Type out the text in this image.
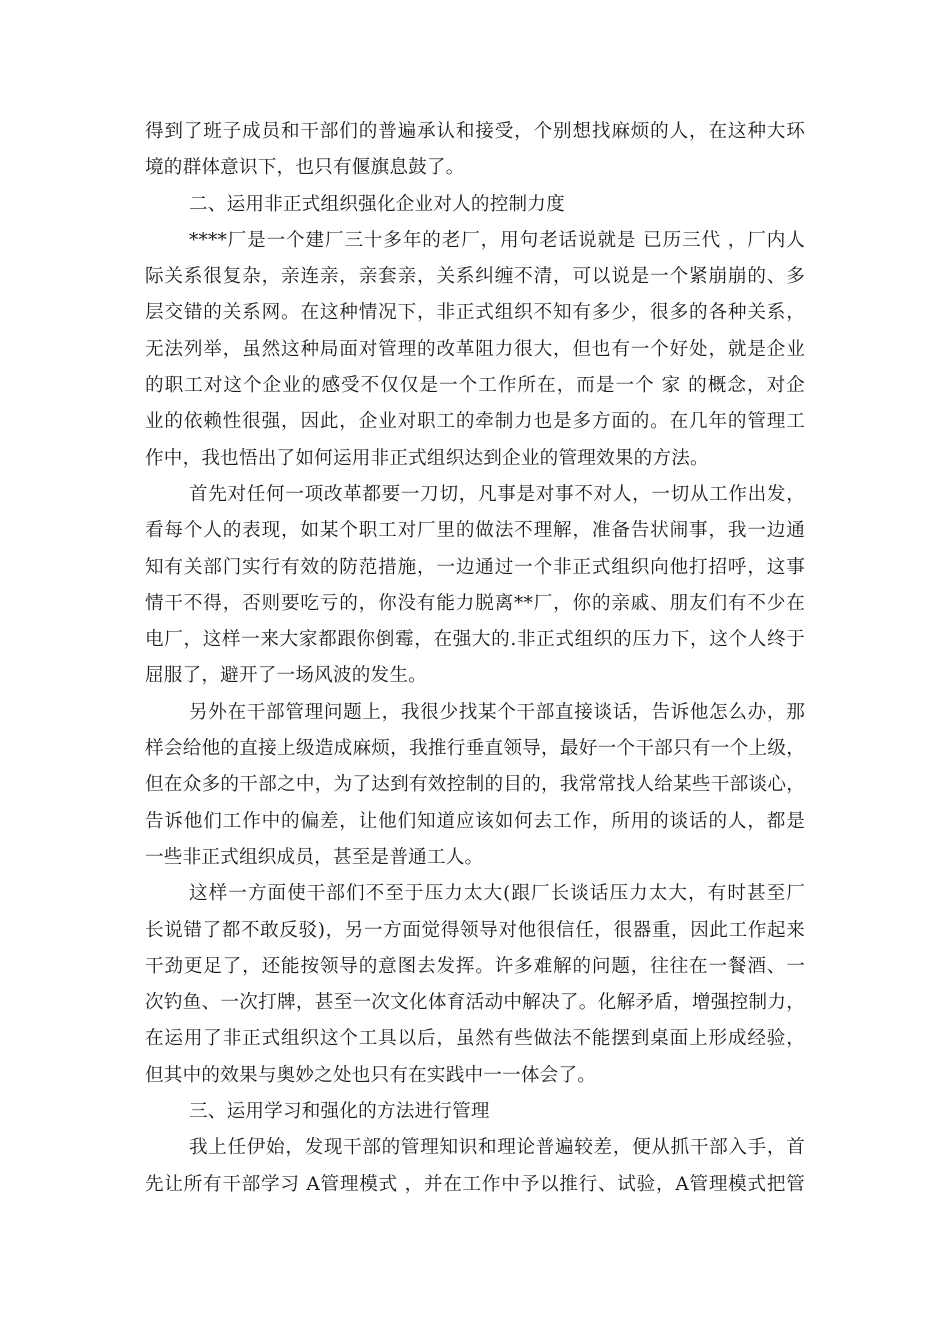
得到了班子成员和干部们的普遍承认和接受，个别想找麻烦的人，在这种大环
境的群体意识下，也只有偃旗息鼓了。
二、运用非正式组织强化企业对人的控制力度
****厂是一个建厂三十多年的老厂，用句老话说就是 已历三代 ，厂内人
际关系很复杂，亲连亲，亲套亲，关系纠缠不清，可以说是一个紧崩崩的、多
层交错的关系网。在这种情况下，非正式组织不知有多少，很多的各种关系，
无法列举，虽然这种局面对管理的改革阻力很大，但也有一个好处，就是企业
的职工对这个企业的感受不仅仅是一个工作所在，而是一个 家 的概念，对企
业的依赖性很强，因此，企业对职工的牵制力也是多方面的。在几年的管理工
作中，我也悟出了如何运用非正式组织达到企业的管理效果的方法。
首先对任何一项改革都要一刀切，凡事是对事不对人，一切从工作出发，
看每个人的表现，如某个职工对厂里的做法不理解，准备告状闹事，我一边通
知有关部门实行有效的防范措施，一边通过一个非正式组织向他打招呼，这事
情干不得，否则要吃亏的，你没有能力脱离**厂，你的亲戚、朋友们有不少在
电厂，这样一来大家都跟你倒霉，在强大的.非正式组织的压力下，这个人终于
屈服了，避开了一场风波的发生。
另外在干部管理问题上，我很少找某个干部直接谈话，告诉他怎么办，那
样会给他的直接上级造成麻烦，我推行垂直领导，最好一个干部只有一个上级，
但在众多的干部之中，为了达到有效控制的目的，我常常找人给某些干部谈心，
告诉他们工作中的偏差，让他们知道应该如何去工作，所用的谈话的人，都是
一些非正式组织成员，甚至是普通工人。
这样一方面使干部们不至于压力太大(跟厂长谈话压力太大，有时甚至厂
长说错了都不敢反驳)，另一方面觉得领导对他很信任，很器重，因此工作起来
干劲更足了，还能按领导的意图去发挥。许多难解的问题，往往在一餐酒、一
次钓鱼、一次打牌，甚至一次文化体育活动中解决了。化解矛盾，增强控制力，
在运用了非正式组织这个工具以后，虽然有些做法不能摆到桌面上形成经验，
但其中的效果与奥妙之处也只有在实践中一一体会了。
三、运用学习和强化的方法进行管理
我上任伊始，发现干部的管理知识和理论普遍较差，便从抓干部入手，首
先让所有干部学习 A管理模式 ，并在工作中予以推行、试验，A管理模式把管
